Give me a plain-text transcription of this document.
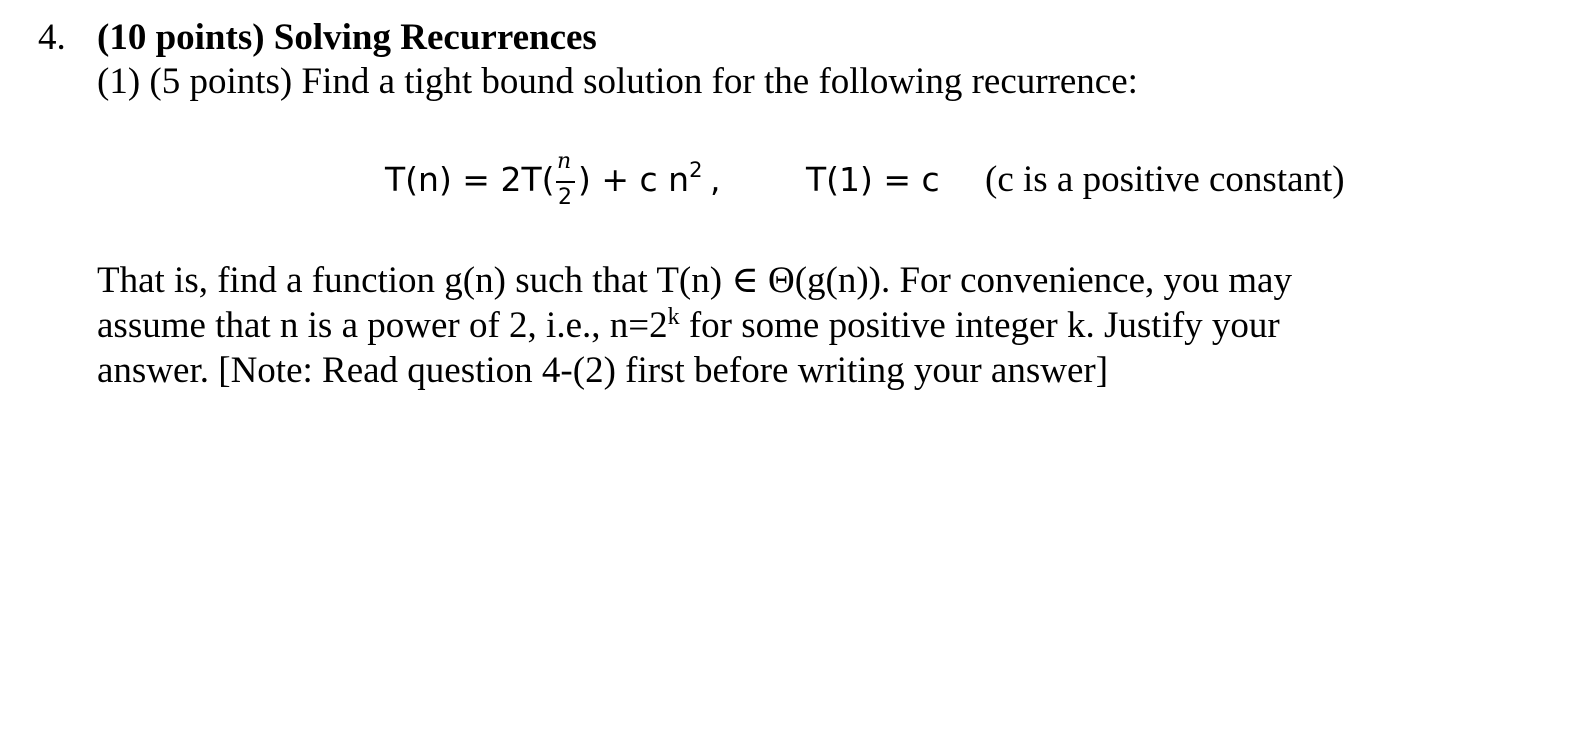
4. (10 points) Solving Recurrences
(1) (5 points) Find a tight bound solution for the following recurrence:
T(n) = 2T( n
2 ) + c $n^2$ ,	T(1) = c (c is a positive constant)
That is, find a function g(n) such that T(n) ∈ Θ(g(n)). For convenience, you may
assume that n is a power of 2, i.e., $n=2^k$ for some positive integer k. Justify your
answer. [Note: Read question 4-(2) first before writing your answer]
